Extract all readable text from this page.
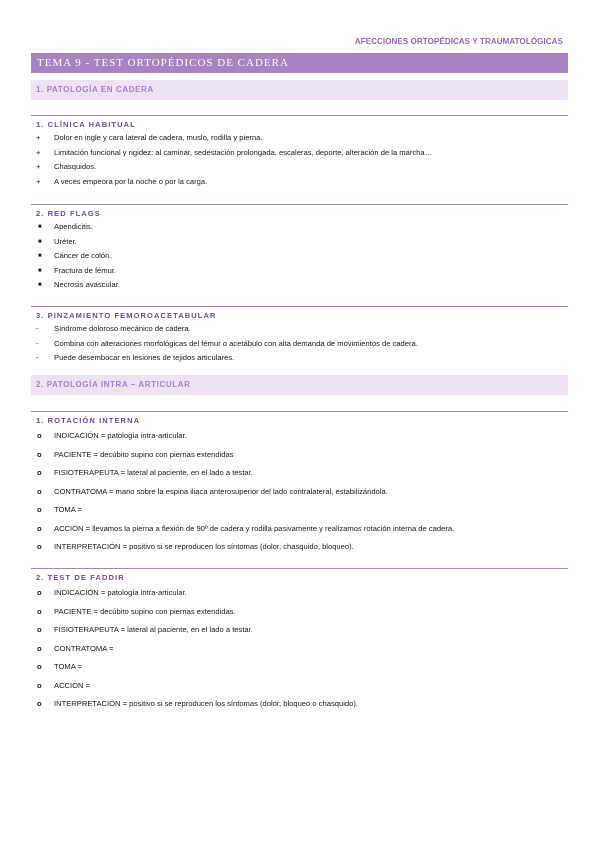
AFECCIONES ORTOPÉDICAS Y TRAUMATOLÓGICAS
TEMA 9 - TEST ORTOPÉDICOS DE CADERA
1. PATOLOGÍA EN CADERA
1. CLÍNICA HABITUAL
+ Dolor en ingle y cara lateral de cadera, muslo, rodilla y pierna.
+ Limitación funcional y rigidez: al caminar, sedestación prolongada, escaleras, deporte, alteración de la marcha…
+ Chasquidos.
+ A veces empeora por la noche o por la carga.
2. RED FLAGS
■ Apendicitis.
■ Uréter.
■ Cáncer de colón.
■ Fractura de fémur.
■ Necrosis avascular.
3. PINZAMIENTO FEMOROACETABULAR
- Síndrome doloroso mecánico de cadera.
- Combina con alteraciones morfológicas del fémur o acetábulo con alta demanda de movimientos de cadera.
- Puede desembocar en lesiones de tejidos articulares.
2. PATOLOGÍA INTRA – ARTICULAR
1. ROTACIÓN INTERNA
o INDICACIÓN = patología intra-articular.
o PACIENTE = decúbito supino con piernas extendidas
o FISIOTERAPEUTA = lateral al paciente, en el lado a testar.
o CONTRATOMA = mano sobre la espina iliaca anterosuperior del lado contralateral, estabilizándola.
o TOMA =
o ACCIÓN = llevamos la pierna a flexión de 90º de cadera y rodilla pasivamente y realizamos rotación interna de cadera.
o INTERPRETACIÓN = positivo si se reproducen los síntomas (dolor, chasquido, bloqueo).
2. TEST DE FADDIR
o INDICACIÓN = patología intra-articular.
o PACIENTE = decúbito supino con piernas extendidas.
o FISIOTERAPEUTA = lateral al paciente, en el lado a testar.
o CONTRATOMA =
o TOMA =
o ACCIÓN =
o INTERPRETACIÓN = positivo si se reproducen los síntomas (dolor, bloqueo o chasquido).
